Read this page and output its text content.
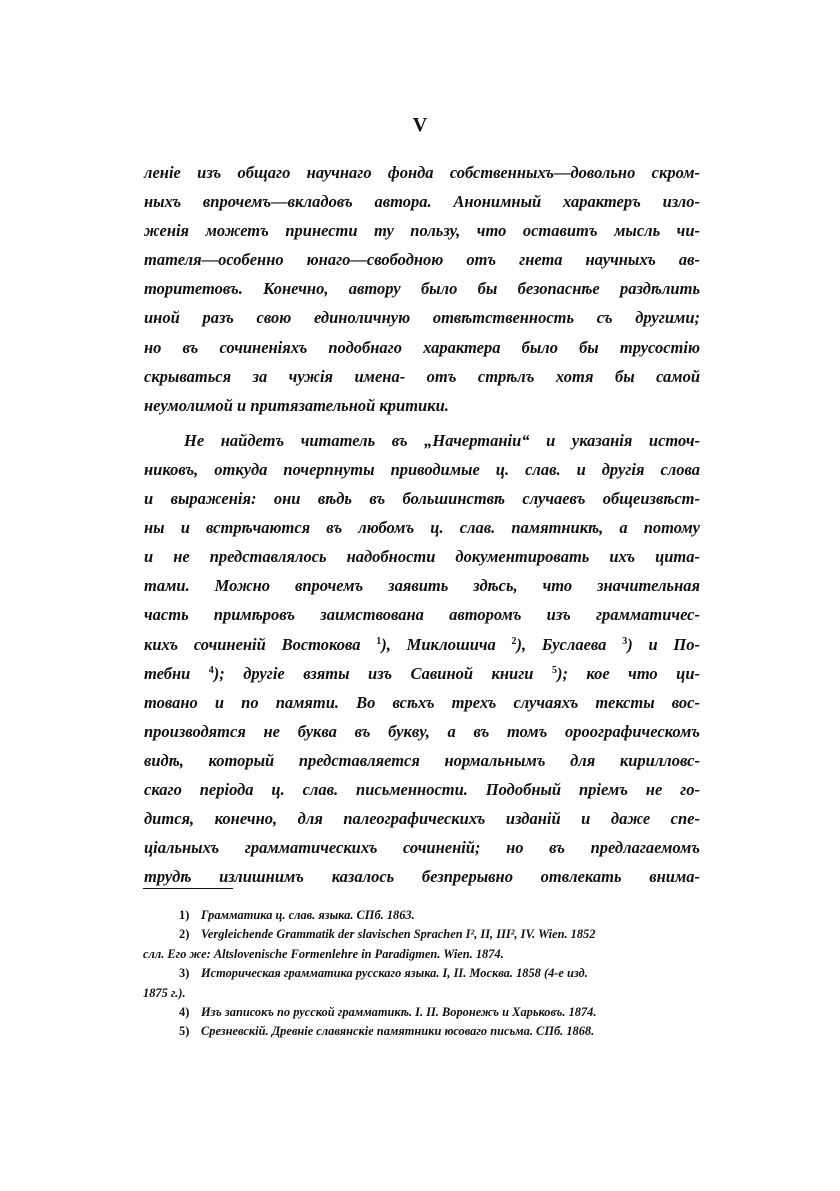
V
леніе изъ общаго научнаго фонда собственныхъ—довольно скром-
ныхъ впрочемъ—вкладовъ автора. Анонимный характеръ изло-
женія можетъ принести ту пользу, что оставитъ мысль чи-
тателя—особенно юнаго—свободною отъ гнета научныхъ ав-
торитетовъ. Конечно, автору было бы безопаснѣе раздѣлить
иной разъ свою единоличную отвѣтственность съ другими;
но въ сочиненіяхъ подобнаго характера было бы трусостію
скрываться за чужія имена- отъ стрѣлъ хотя бы самой
неумолимой и притязательной критики.
Не найдетъ читатель въ „Начертаніи“ и указанія источ-
никовъ, откуда почерпнуты приводимые ц. слав. и другія слова
и выраженія: они вѣдь въ большинствѣ случаевъ общеизвѣст-
ны и встрѣчаются въ любомъ ц. слав. памятникѣ, а потому
и не представлялось надобности документировать ихъ цита-
тами. Можно впрочемъ заявить здѣсь, что значительная
часть примѣровъ заимствована авторомъ изъ грамматичес-
кихъ сочиненій Востокова $^1$), Миклошича $^2$), Буслаева $^3$) и По-
тебни $^4$); другіе взяты изъ Савиной книги $^5$); кое что ци-
товано и по памяти. Во всѣхъ трехъ случаяхъ тексты вос-
производятся не буква въ букву, а въ томъ ороографическомъ
видѣ, который представляется нормальнымъ для кирилловс-
скаго періода ц. слав. письменности. Подобный пріемъ не го-
дится, конечно, для палеографическихъ изданій и даже спе-
ціальныхъ грамматическихъ сочиненій; но въ предлагаемомъ
трудѣ излишнимъ казалось безпрерывно отвлекать внима-
1) Грамматика ц. слав. языка. СПб. 1863.
2) Vergleichende Grammatik der slavischen Sprachen I², II, III², IV. Wien. 1852
слл. Его же: Altslovenische Formenlehre in Paradigmen. Wien. 1874.
3) Историческая грамматика русскаго языка. I, II. Москва. 1858 (4-е изд.
1875 г.).
4) Изъ записокъ по русской грамматикѣ. I. II. Воронежъ и Харьковъ. 1874.
5) Срезневскій. Древніе славянскіе памятники юсоваго письма. СПб. 1868.
